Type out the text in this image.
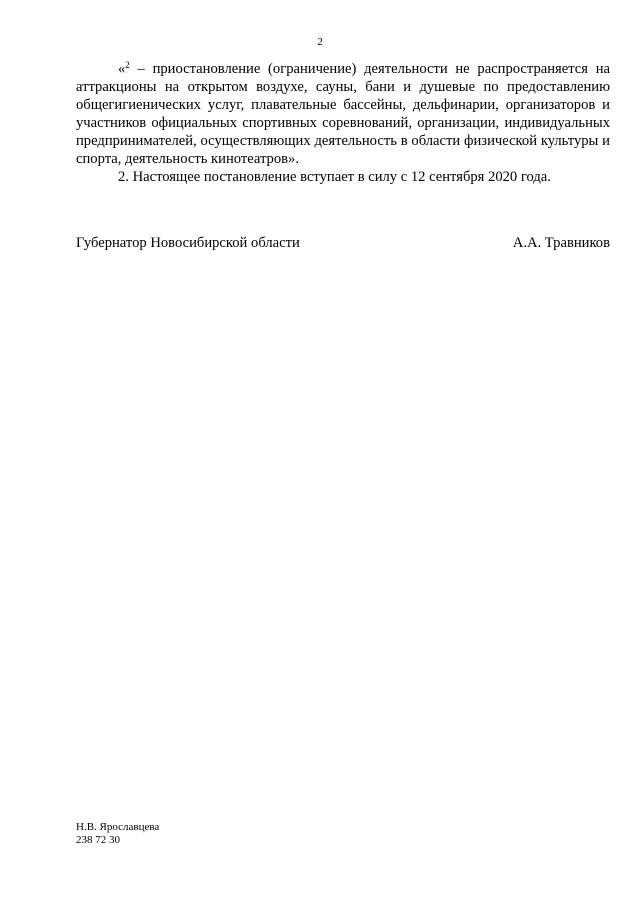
2

«$^2$ – приостановление (ограничение) деятельности не распространяется на аттракционы на открытом воздухе, сауны, бани и душевые по предоставлению общегигиенических услуг, плавательные бассейны, дельфинарии, организаторов и участников официальных спортивных соревнований, организации, индивидуальных предпринимателей, осуществляющих деятельность в области физической культуры и спорта, деятельность кинотеатров».

2. Настоящее постановление вступает в силу с 12 сентября 2020 года.

Губернатор Новосибирской области	А.А. Травников
Н.В. Ярославцева
238 72 30
